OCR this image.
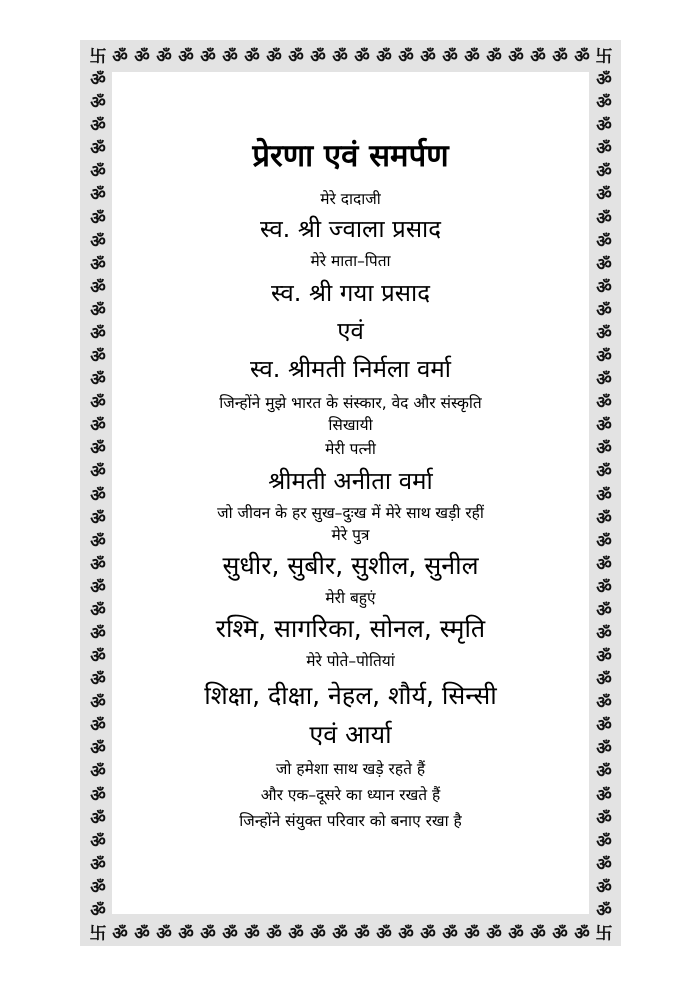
卐	卐
卐	卐
ॐ
ॐ
ॐ
ॐ
ॐ
ॐ
ॐ
ॐ
ॐ
ॐ
ॐ
ॐ
ॐ
ॐ
ॐ
ॐ
ॐ
ॐ
ॐ
ॐ
ॐ
ॐ
ॐ
ॐ
ॐ
ॐ
ॐ
ॐ
ॐ
ॐ
ॐ
ॐ
ॐ
ॐ
ॐ
ॐ
ॐ
ॐ
ॐ
ॐ
ॐ
ॐ
ॐ
ॐ
ॐ	ॐ
ॐ	ॐ
ॐ	ॐ
ॐ	ॐ
ॐ	ॐ
ॐ	ॐ
ॐ	ॐ
ॐ	ॐ
ॐ	ॐ
ॐ	ॐ
ॐ	ॐ
ॐ	ॐ
ॐ	ॐ
ॐ	ॐ
ॐ	ॐ
ॐ	ॐ
ॐ	ॐ
ॐ	ॐ
ॐ	ॐ
ॐ	ॐ
ॐ	ॐ
ॐ	ॐ
ॐ	ॐ
ॐ	ॐ
ॐ	ॐ
ॐ	ॐ
ॐ	ॐ
ॐ	ॐ
ॐ	ॐ
ॐ	ॐ
ॐ	ॐ
ॐ	ॐ
ॐ	ॐ
ॐ	ॐ
ॐ	ॐ
ॐ	ॐ
ॐ	ॐ
प्रेरणा एवं समर्पण
मेरे दादाजी
स्व. श्री ज्वाला प्रसाद
मेरे माता–पिता
स्व. श्री गया प्रसाद
एवं
स्व. श्रीमती निर्मला वर्मा
जिन्होंने मुझे भारत के संस्कार, वेद और संस्कृति
सिखायी
मेरी पत्नी
श्रीमती अनीता वर्मा
जो जीवन के हर सुख–दुःख में मेरे साथ खड़ी रहीं
मेरे पुत्र
सुधीर, सुबीर, सुशील, सुनील
मेरी बहुएं
रश्मि, सागरिका, सोनल, स्मृति
मेरे पोते–पोतियां
शिक्षा, दीक्षा, नेहल, शौर्य, सिन्सी
एवं आर्या
जो हमेशा साथ खड़े रहते हैं
और एक–दूसरे का ध्यान रखते हैं
जिन्होंने संयुक्त परिवार को बनाए रखा है
